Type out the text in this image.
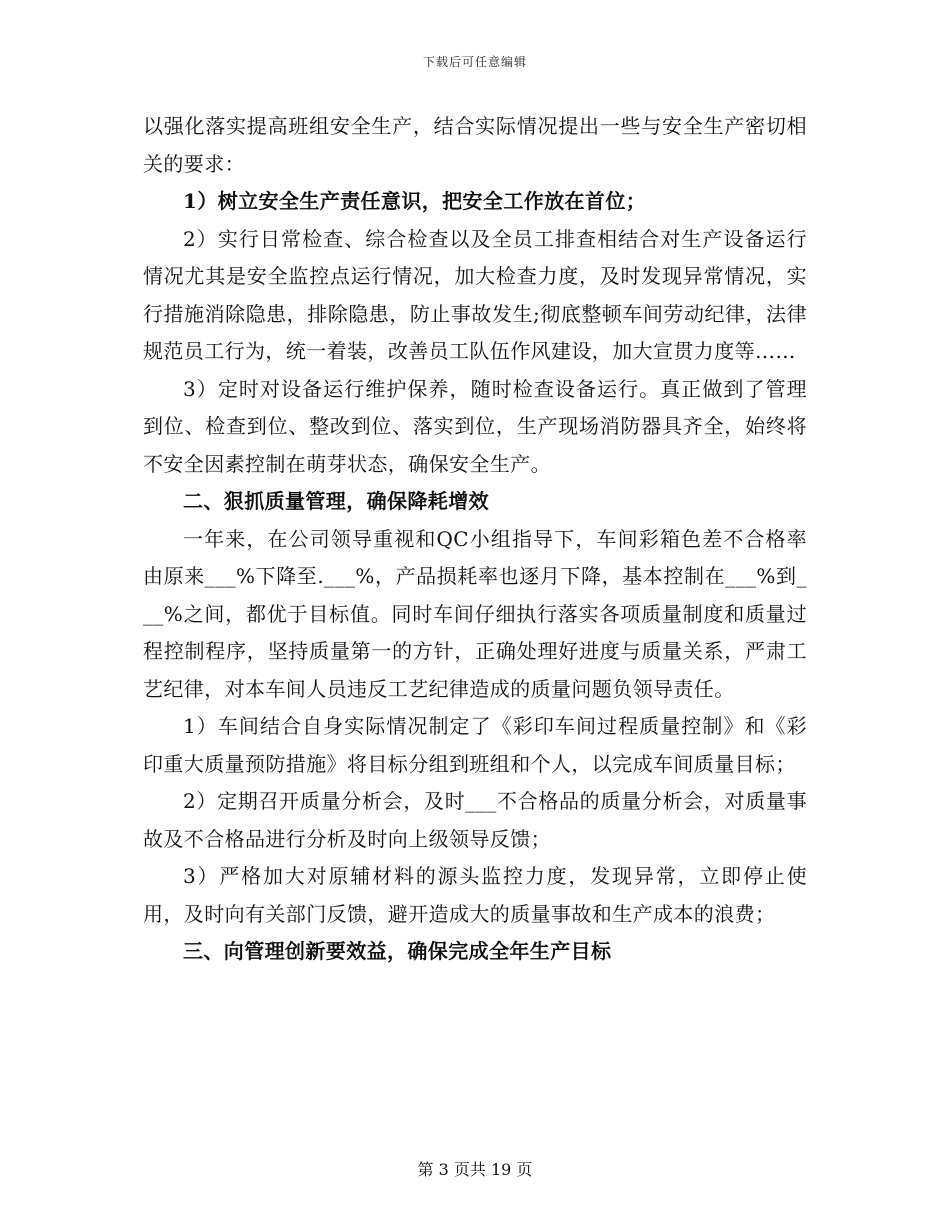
下载后可任意编辑

以强化落实提高班组安全生产，结合实际情况提出一些与安全生产密切相关的要求：

1）树立安全生产责任意识，把安全工作放在首位；

2）实行日常检查、综合检查以及全员工排查相结合对生产设备运行情况尤其是安全监控点运行情况，加大检查力度，及时发现异常情况，实行措施消除隐患，排除隐患，防止事故发生;彻底整顿车间劳动纪律，法律规范员工行为，统一着装，改善员工队伍作风建设，加大宣贯力度等……

3）定时对设备运行维护保养，随时检查设备运行。真正做到了管理到位、检查到位、整改到位、落实到位，生产现场消防器具齐全，始终将不安全因素控制在萌芽状态，确保安全生产。

二、狠抓质量管理，确保降耗增效

一年来，在公司领导重视和QC小组指导下，车间彩箱色差不合格率由原来___%下降至.___%，产品损耗率也逐月下降，基本控制在___%到___%之间，都优于目标值。同时车间仔细执行落实各项质量制度和质量过程控制程序，坚持质量第一的方针，正确处理好进度与质量关系，严肃工艺纪律，对本车间人员违反工艺纪律造成的质量问题负领导责任。

1）车间结合自身实际情况制定了《彩印车间过程质量控制》和《彩印重大质量预防措施》将目标分组到班组和个人，以完成车间质量目标；

2）定期召开质量分析会，及时___不合格品的质量分析会，对质量事故及不合格品进行分析及时向上级领导反馈；

3）严格加大对原辅材料的源头监控力度，发现异常，立即停止使用，及时向有关部门反馈，避开造成大的质量事故和生产成本的浪费；

三、向管理创新要效益，确保完成全年生产目标

第 3 页共 19 页
